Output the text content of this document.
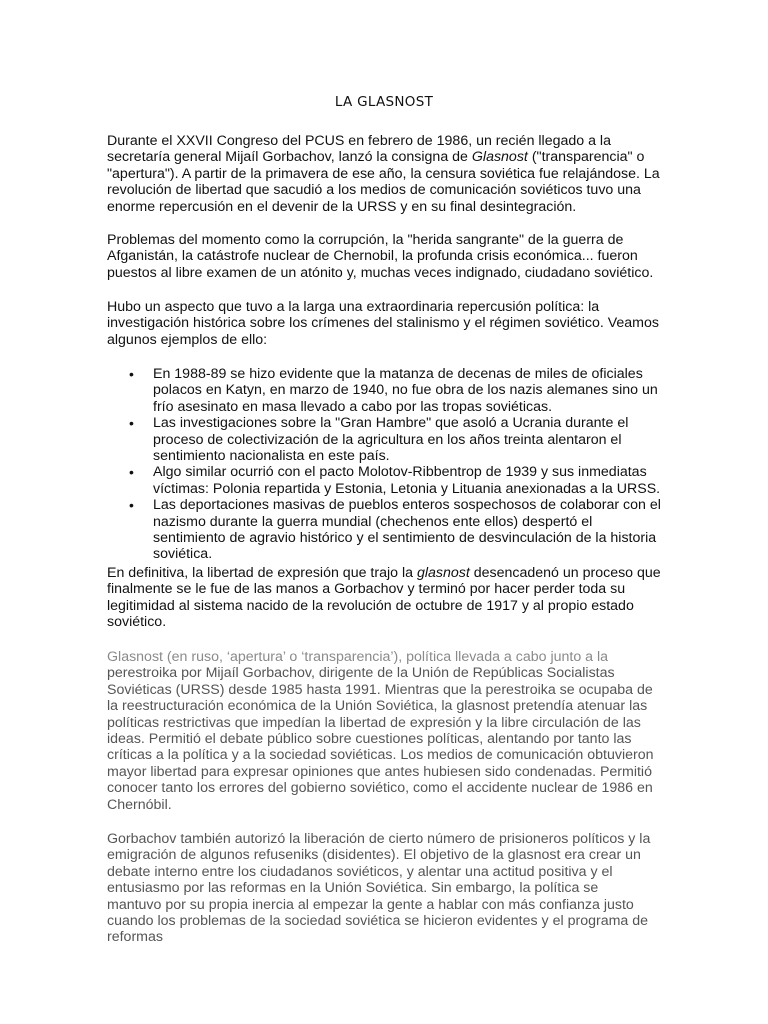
LA GLASNOST

Durante el XXVII Congreso del PCUS en febrero de 1986, un recién llegado a la secretaría general Mijaíl Gorbachov, lanzó la consigna de Glasnost ("transparencia" o "apertura"). A partir de la primavera de ese año, la censura soviética fue relajándose. La revolución de libertad que sacudió a los medios de comunicación soviéticos tuvo una enorme repercusión en el devenir de la URSS y en su final desintegración.

Problemas del momento como la corrupción, la "herida sangrante" de la guerra de Afganistán, la catástrofe nuclear de Chernobil, la profunda crisis económica... fueron puestos al libre examen de un atónito y, muchas veces indignado, ciudadano soviético.

Hubo un aspecto que tuvo a la larga una extraordinaria repercusión política: la investigación histórica sobre los crímenes del stalinismo y el régimen soviético. Veamos algunos ejemplos de ello:

• En 1988-89 se hizo evidente que la matanza de decenas de miles de oficiales polacos en Katyn, en marzo de 1940, no fue obra de los nazis alemanes sino un frío asesinato en masa llevado a cabo por las tropas soviéticas.
• Las investigaciones sobre la "Gran Hambre" que asoló a Ucrania durante el proceso de colectivización de la agricultura en los años treinta alentaron el sentimiento nacionalista en este país.
• Algo similar ocurrió con el pacto Molotov-Ribbentrop de 1939 y sus inmediatas víctimas: Polonia repartida y Estonia, Letonia y Lituania anexionadas a la URSS.
• Las deportaciones masivas de pueblos enteros sospechosos de colaborar con el nazismo durante la guerra mundial (chechenos ente ellos) despertó el sentimiento de agravio histórico y el sentimiento de desvinculación de la historia soviética.

En definitiva, la libertad de expresión que trajo la glasnost desencadenó un proceso que finalmente se le fue de las manos a Gorbachov y terminó por hacer perder toda su legitimidad al sistema nacido de la revolución de octubre de 1917 y al propio estado soviético.

Glasnost (en ruso, ‘apertura’ o ‘transparencia’), política llevada a cabo junto a la perestroika por Mijaíl Gorbachov, dirigente de la Unión de Repúblicas Socialistas Soviéticas (URSS) desde 1985 hasta 1991. Mientras que la perestroika se ocupaba de la reestructuración económica de la Unión Soviética, la glasnost pretendía atenuar las políticas restrictivas que impedían la libertad de expresión y la libre circulación de las ideas. Permitió el debate público sobre cuestiones políticas, alentando por tanto las críticas a la política y a la sociedad soviéticas. Los medios de comunicación obtuvieron mayor libertad para expresar opiniones que antes hubiesen sido condenadas. Permitió conocer tanto los errores del gobierno soviético, como el accidente nuclear de 1986 en Chernóbil.

Gorbachov también autorizó la liberación de cierto número de prisioneros políticos y la emigración de algunos refuseniks (disidentes). El objetivo de la glasnost era crear un debate interno entre los ciudadanos soviéticos, y alentar una actitud positiva y el entusiasmo por las reformas en la Unión Soviética. Sin embargo, la política se mantuvo por su propia inercia al empezar la gente a hablar con más confianza justo cuando los problemas de la sociedad soviética se hicieron evidentes y el programa de reformas
